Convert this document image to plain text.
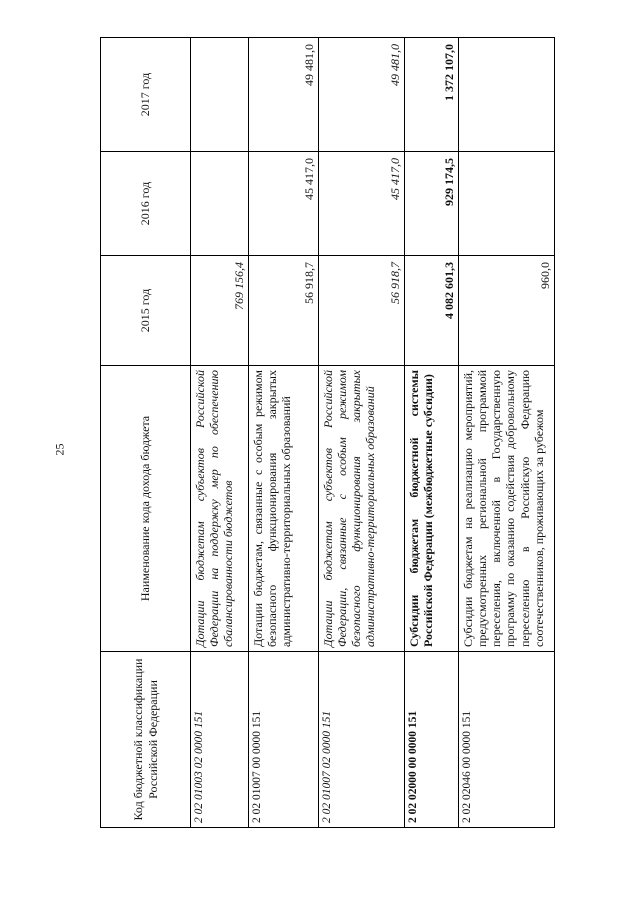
25
Код бюджетной классификации Российской Федерации	Наименование кода дохода бюджета	2015 год	2016 год	2017 год
2 02 01003 02 0000 151	Дотации бюджетам субъектов Российской Федерации на поддержку мер по обеспечению сбалансированности бюджетов	769 156,4		
2 02 01007 00 0000 151	Дотации бюджетам, связанные с особым режимом безопасного функционирования закрытых административно-территориальных образований	56 918,7	45 417,0	49 481,0
2 02 01007 02 0000 151	Дотации бюджетам субъектов Российской Федерации, связанные с особым режимом безопасного функционирования закрытых административно-территориальных образований	56 918,7	45 417,0	49 481,0
2 02 02000 00 0000 151	Субсидии бюджетам бюджетной системы Российской Федерации (межбюджетные субсидии)	4 082 601,3	929 174,5	1 372 107,0
2 02 02046 00 0000 151	Субсидии бюджетам на реализацию мероприятий, предусмотренных региональной программой переселения, включенной в Государственную программу по оказанию содействия добровольному переселению в Российскую Федерацию соотечественников, проживающих за рубежом	960,0		
